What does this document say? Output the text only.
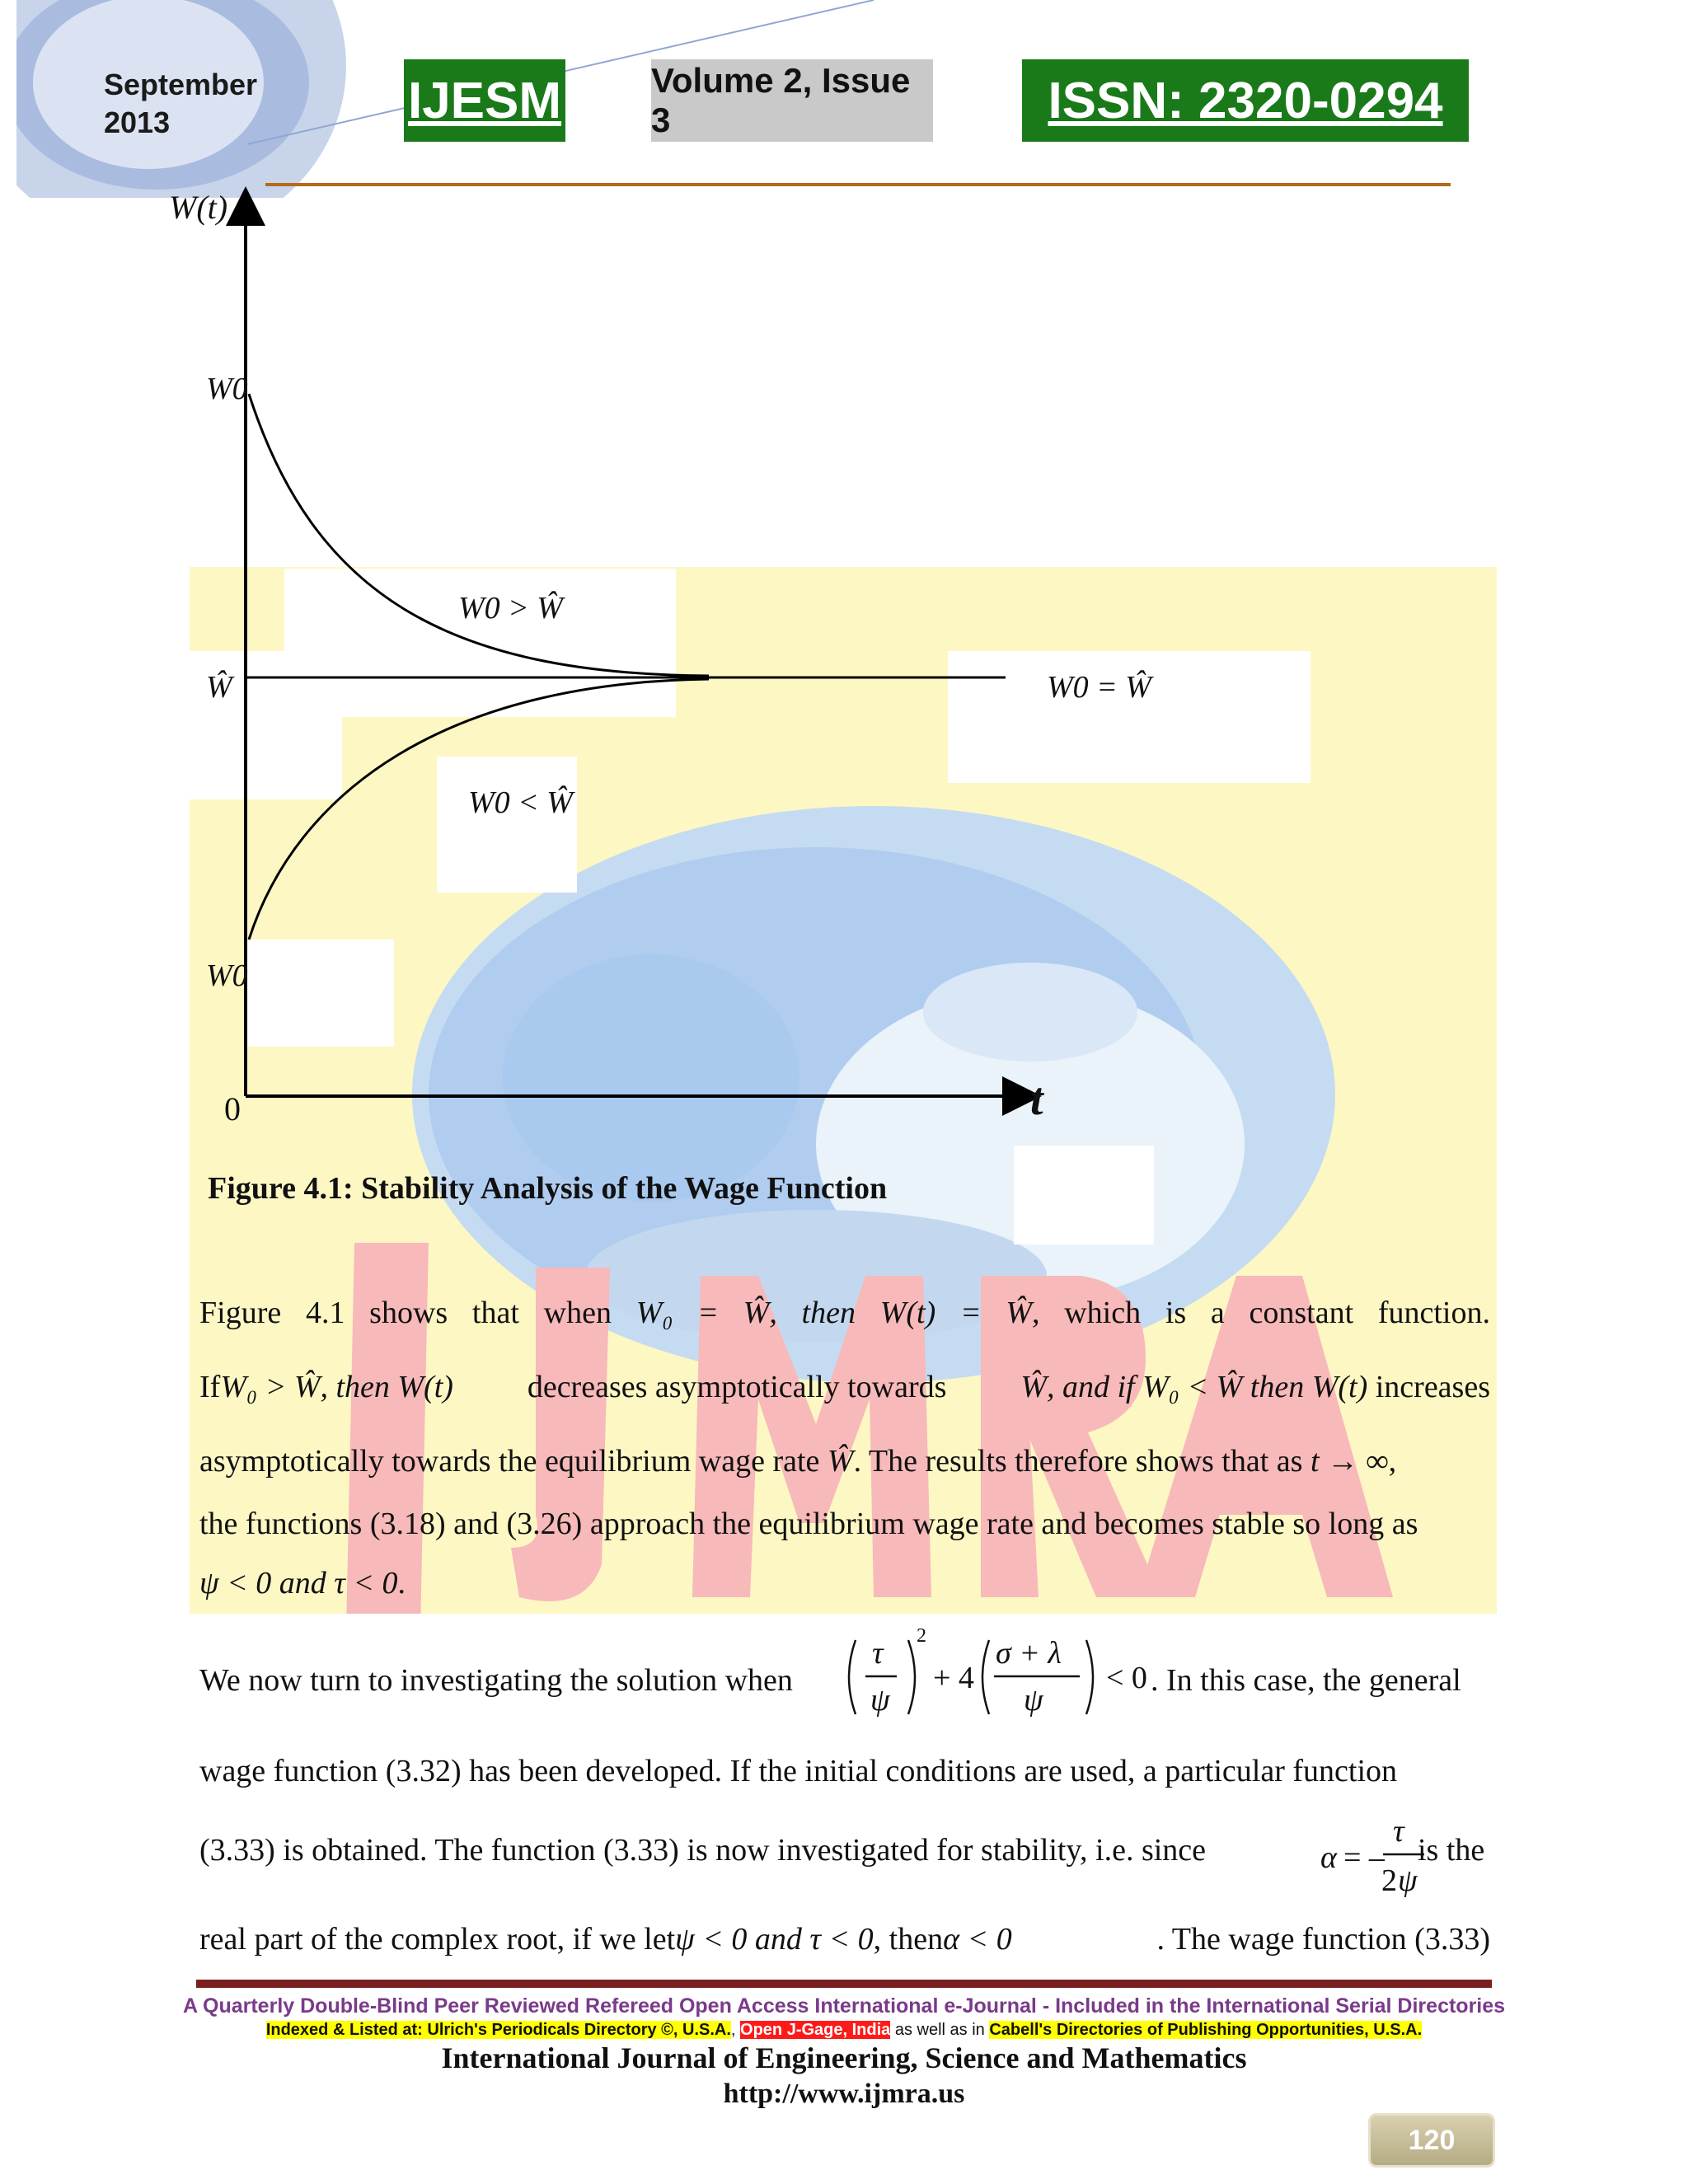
September
2013	IJESM	Volume 2, Issue 3	ISSN: 2320-0294
W(t)
W0
Ŵ
W0
0	t
W0 > Ŵ
W0 = Ŵ
W0 < Ŵ
Figure 4.1: Stability Analysis of the Wage Function
Figure 4.1 shows that when W₀ = Ŵ, then W(t) = Ŵ, which is a constant function.
IfW₀ > Ŵ, then W(t) decreases asymptotically towards Ŵ, and if W₀ < Ŵ then W(t) increases
asymptotically towards the equilibrium wage rate Ŵ. The results therefore shows that as t → ∞,
the functions (3.18) and (3.26) approach the equilibrium wage rate and becomes stable so long as
ψ < 0 and τ < 0.
We now turn to investigating the solution when
τ
ψ
2
+ 4
σ + λ
ψ
< 0 . In this case, the general
wage function (3.32) has been developed. If the initial conditions are used, a particular function
(3.33) is obtained. The function (3.33) is now investigated for stability, i.e. since	α = –
τ
2 ψ
is the
real part of the complex root, if we letψ < 0 and τ < 0, thenα < 0	. The wage function (3.33)
A Quarterly Double-Blind Peer Reviewed Refereed Open Access International e-Journal - Included in the International Serial Directories
Indexed & Listed at: Ulrich's Periodicals Directory ©, U.S.A., Open J-Gage, India as well as in Cabell's Directories of Publishing Opportunities, U.S.A.
International Journal of Engineering, Science and Mathematics
http://www.ijmra.us
120
